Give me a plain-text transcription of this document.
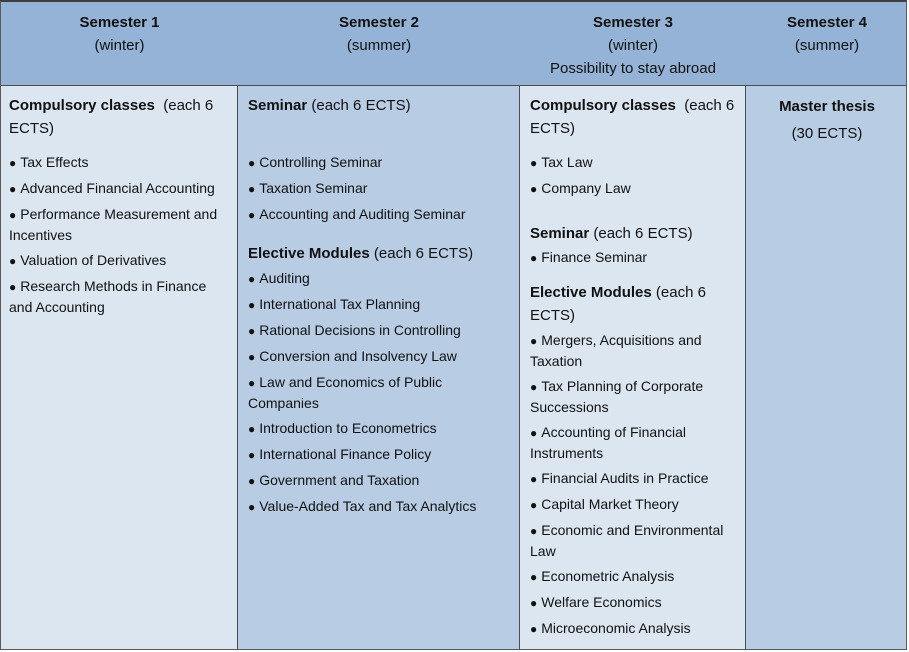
Semester 1
(winter)
Semester 2
(summer)
Semester 3
(winter)
Possibility to stay abroad
Semester 4
(summer)

Compulsory classes  (each 6 ECTS)

● Tax Effects
● Advanced Financial Accounting
● Performance Measurement and Incentives
● Valuation of Derivatives
● Research Methods in Finance and Accounting

Seminar (each 6 ECTS)

● Controlling Seminar
● Taxation Seminar
● Accounting and Auditing Seminar

Elective Modules (each 6 ECTS)

● Auditing
● International Tax Planning
● Rational Decisions in Controlling
● Conversion and Insolvency Law
● Law and Economics of Public Companies
● Introduction to Econometrics
● International Finance Policy
● Government and Taxation
● Value-Added Tax and Tax Analytics

Compulsory classes  (each 6 ECTS)

● Tax Law
● Company Law

Seminar (each 6 ECTS)

● Finance Seminar

Elective Modules (each 6 ECTS)

● Mergers, Acquisitions and Taxation
● Tax Planning of Corporate Successions
● Accounting of Financial Instruments
● Financial Audits in Practice
● Capital Market Theory
● Economic and Environmental Law
● Econometric Analysis
● Welfare Economics
● Microeconomic Analysis

Master thesis

(30 ECTS)
